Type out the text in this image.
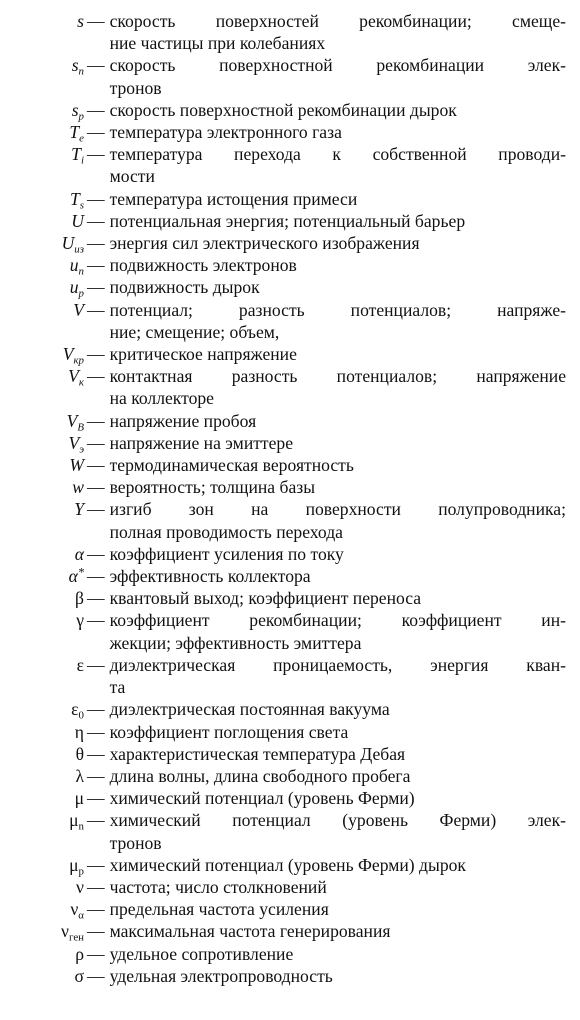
s — скорость поверхностей рекомбинации; смеще-
ние частицы при колебаниях
$s_n$ — скорость поверхностной рекомбинации элек-
тронов
$s_p$ — скорость поверхностной рекомбинации дырок
$T_e$ — температура электронного газа
$T_i$ — температура перехода к собственной проводи-
мости
$T_s$ — температура истощения примеси
U — потенциальная энергия; потенциальный барьер
$U_{из}$ — энергия сил электрического изображения
$u_n$ — подвижность электронов
$u_p$ — подвижность дырок
V — потенциал; разность потенциалов; напряже-
ние; смещение; объем,
$V_{кр}$ — критическое напряжение
$V_к$ — контактная разность потенциалов; напряжение
на коллекторе
$V_B$ — напряжение пробоя
$V_э$ — напряжение на эмиттере
W — термодинамическая вероятность
w — вероятность; толщина базы
Y — изгиб зон на поверхности полупроводника;
полная проводимость перехода
α — коэффициент усиления по току
α* — эффективность коллектора
β — квантовый выход; коэффициент переноса
γ — коэффициент рекомбинации; коэффициент ин-
жекции; эффективность эмиттера
ε — диэлектрическая проницаемость, энергия кван-
та
$\varepsilon_0$ — диэлектрическая постоянная вакуума
η — коэффициент поглощения света
θ — характеристическая температура Дебая
λ — длина волны, длина свободного пробега
μ — химический потенциал (уровень Ферми)
$\mu_n$ — химический потенциал (уровень Ферми) элек-
тронов
$\mu_p$ — химический потенциал (уровень Ферми) дырок
ν — частота; число столкновений
$\nu_\alpha$ — предельная частота усиления
$\nu_{ген}$ — максимальная частота генерирования
ρ — удельное сопротивление
σ — удельная электропроводность
